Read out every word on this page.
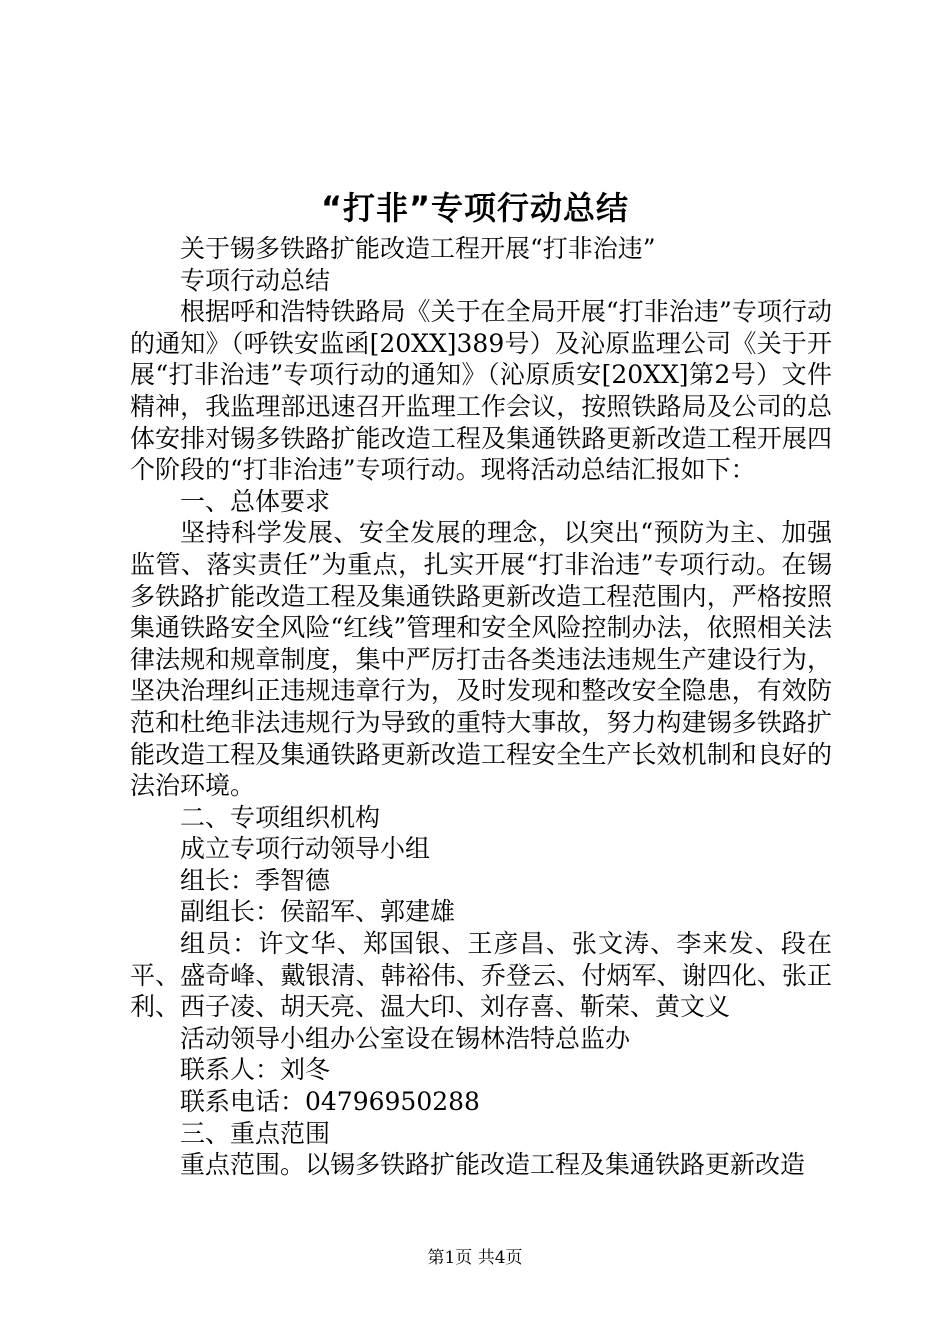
“打非”专项行动总结

关于锡多铁路扩能改造工程开展“打非治违”

专项行动总结

根据呼和浩特铁路局《关于在全局开展“打非治违”专项行动的通知》（呼铁安监函[20XX]389号）及沁原监理公司《关于开展“打非治违”专项行动的通知》（沁原质安[20XX]第2号）文件精神，我监理部迅速召开监理工作会议，按照铁路局及公司的总体安排对锡多铁路扩能改造工程及集通铁路更新改造工程开展四个阶段的“打非治违”专项行动。现将活动总结汇报如下：

一、总体要求

坚持科学发展、安全发展的理念，以突出“预防为主、加强监管、落实责任”为重点，扎实开展“打非治违”专项行动。在锡多铁路扩能改造工程及集通铁路更新改造工程范围内，严格按照集通铁路安全风险“红线”管理和安全风险控制办法，依照相关法律法规和规章制度，集中严厉打击各类违法违规生产建设行为，坚决治理纠正违规违章行为，及时发现和整改安全隐患，有效防范和杜绝非法违规行为导致的重特大事故，努力构建锡多铁路扩能改造工程及集通铁路更新改造工程安全生产长效机制和良好的法治环境。

二、专项组织机构

成立专项行动领导小组

组长：季智德

副组长：侯韶军、郭建雄

组员：许文华、郑国银、王彦昌、张文涛、李来发、段在平、盛奇峰、戴银清、韩裕伟、乔登云、付炳军、谢四化、张正利、西子凌、胡天亮、温大印、刘存喜、靳荣、黄文义

活动领导小组办公室设在锡林浩特总监办

联系人：刘冬

联系电话：04796950288

三、重点范围

重点范围。以锡多铁路扩能改造工程及集通铁路更新改造

第1页 共4页
